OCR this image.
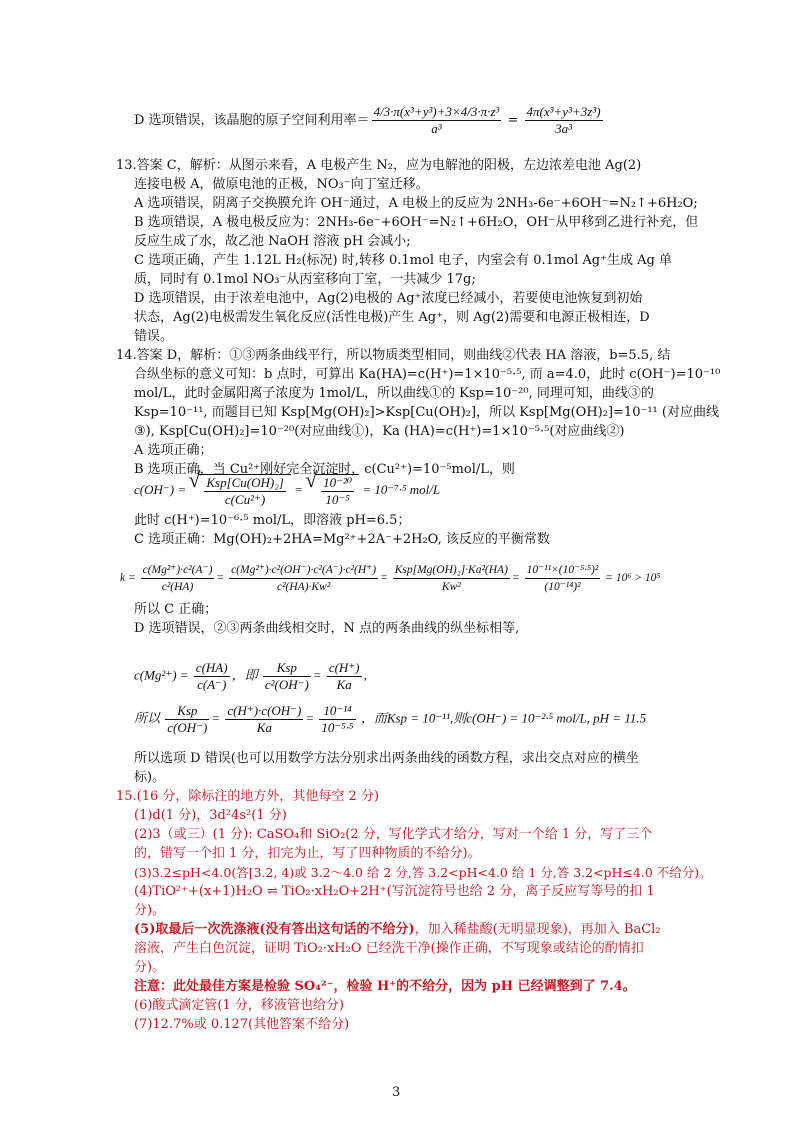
D 选项错误，该晶胞的原子空间利用率＝ $\frac{\text{4/3·π(x³+y³)+3×4/3·π·z³}}{\text{a³}} = \frac{\text{4π(x³+y³+3z³)}}{\text{3a³}}$
13.答案 C，解析：从图示来看，A 电极产生 N₂，应为电解池的阳极，左边浓差电池 Ag(2)
连接电极 A，做原电池的正极，NO₃⁻向丁室迁移。
A 选项错误，阴离子交换膜允许 OH⁻通过，A 电极上的反应为 2NH₃-6e⁻+6OH⁻=N₂↑+6H₂O;
B 选项错误，A 极电极反应为：2NH₃-6e⁻+6OH⁻=N₂↑+6H₂O，OH⁻从甲移到乙进行补充，但
反应生成了水，故乙池 NaOH 溶液 pH 会减小;
C 选项正确，产生 1.12L H₂(标况) 时,转移 0.1mol 电子，内室会有 0.1mol Ag⁺生成 Ag 单
质，同时有 0.1mol NO₃⁻从丙室移向丁室，一共减少 17g;
D 选项错误，由于浓差电池中，Ag(2)电极的 Ag⁺浓度已经减小，若要使电池恢复到初始
状态，Ag(2)电极需发生氧化反应(活性电极)产生 Ag⁺，则 Ag(2)需要和电源正极相连，D
错误。
14.答案 D，解析：①③两条曲线平行，所以物质类型相同，则曲线②代表 HA 溶液，b=5.5, 结
合纵坐标的意义可知：b 点时，可算出 Ka(HA)=c(H⁺)=1×10⁻⁵·⁵, 而 a=4.0，此时 c(OH⁻)=10⁻¹⁰
mol/L，此时金属阳离子浓度为 1mol/L，所以曲线①的 Ksp=10⁻²⁰, 同理可知，曲线③的
Ksp=10⁻¹¹, 而题目已知 Ksp[Mg(OH)₂]>Ksp[Cu(OH)₂]，所以 Ksp[Mg(OH)₂]=10⁻¹¹ (对应曲线
③), Ksp[Cu(OH)₂]=10⁻²⁰(对应曲线①)，Ka (HA)=c(H⁺)=1×10⁻⁵·⁵(对应曲线②)
A 选项正确；
B 选项正确，当 Cu²⁺刚好完全沉淀时，c(Cu²⁺)=10⁻⁵mol/L，则
c(OH⁻) = √ $\frac{\text{Ksp[Cu(OH)₂]}}{\text{c(Cu²⁺)}}$ = √ $\frac{\text{10⁻²⁰}}{\text{10⁻⁵}} = 10^{-7}\cdot^5$ mol/L
此时 c(H⁺)=10⁻⁶·⁵ mol/L，即溶液 pH=6.5；
C 选项正确：Mg(OH)₂+2HA=Mg²⁺+2A⁻+2H₂O, 该反应的平衡常数
$k = \frac{\text{c(Mg²⁺)·c²(A⁻)}}{\text{c²(HA)}} = \frac{\text{c(Mg²⁺)·c²(OH⁻)·c²(A⁻)·c²(H⁺)}}{\text{c²(HA)·Kw²}} = \frac{\text{Ksp[Mg(OH)₂]·Ka²(HA)}}{\text{Kw²}} = \frac{\text{10⁻¹¹×(10⁻⁵·⁵)²}}{\text{(10⁻¹⁴)²}} = 10^6 > 10^5$
所以 C 正确；
D 选项错误，②③两条曲线相交时，N 点的两条曲线的纵坐标相等,
$c(Mg^{2+}) = \frac{c(HA)}{c(A^-)}$ ，即 $\frac{\text{Ksp}}{\text{c²(OH⁻)}} = \frac{c(H^+)}{Ka}$ ,
所以 $\frac{\text{Ksp}}{c(OH^-)} = \frac{c(H^+)\cdot c(OH^-)}{Ka} = \frac{\text{10⁻¹⁴}}{\text{10⁻⁵·⁵}}$ ，而Ksp = 10⁻¹¹,则c(OH⁻) = 10⁻²·⁵ mol/L, pH = 11.5
所以选项 D 错误(也可以用数学方法分别求出两条曲线的函数方程，求出交点对应的横坐
标)。
15.(16 分，除标注的地方外，其他每空 2 分)
(1)d(1 分)，3d²4s²(1 分)
(2)3（或三）(1 分): CaSO₄和 SiO₂(2 分，写化学式才给分，写对一个给 1 分，写了三个
的，错写一个扣 1 分，扣完为止，写了四种物质的不给分)。
(3)3.2≤pH<4.0(答[3.2, 4)或 3.2～4.0 给 2 分,答 3.2<pH<4.0 给 1 分,答 3.2<pH≤4.0 不给分)。
(4)TiO²⁺+(x+1)H₂O ⇌ TiO₂·xH₂O+2H⁺(写沉淀符号也给 2 分，离子反应写等号的扣 1
分)。
(5)取最后一次洗涤液(没有答出这句话的不给分)，加入稀盐酸(无明显现象)，再加入 BaCl₂
溶液，产生白色沉淀，证明 TiO₂·xH₂O 已经洗干净(操作正确，不写现象或结论的酌情扣
分)。
注意：此处最佳方案是检验 SO₄²⁻，检验 H⁺的不给分，因为 pH 已经调整到了 7.4。
(6)酸式滴定管(1 分，移液管也给分)
(7)12.7%或 0.127(其他答案不给分)
3
